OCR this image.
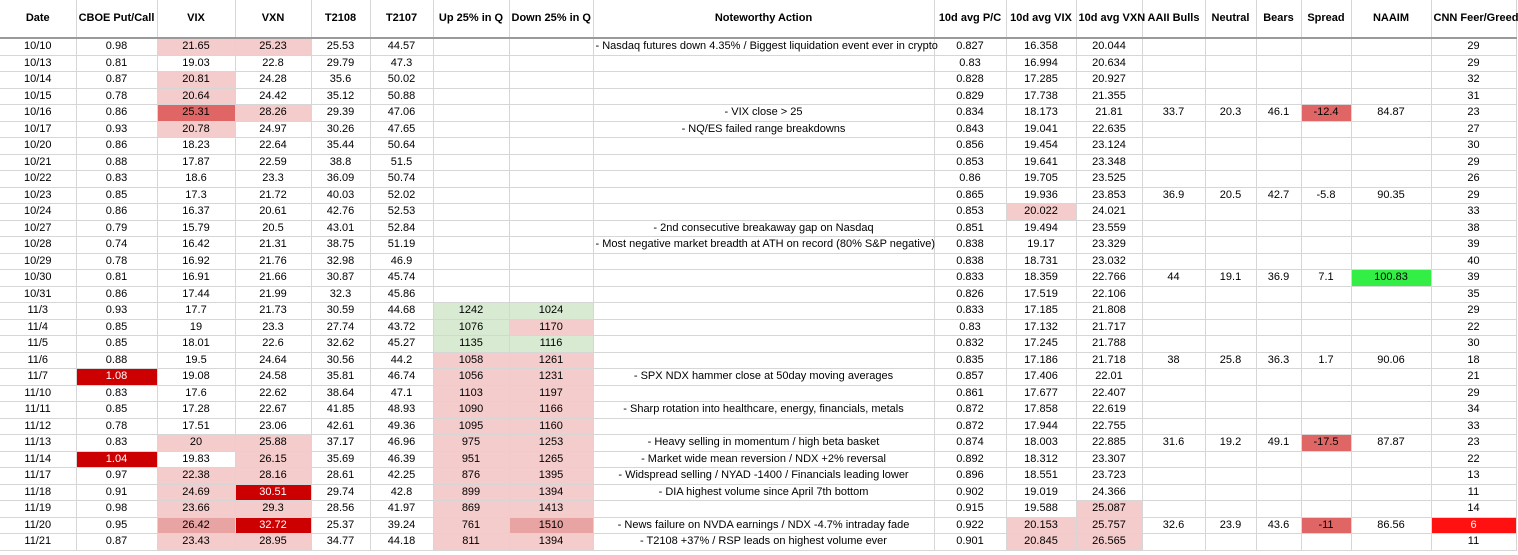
Date	CBOE Put/Call	VIX	VXN	T2108	T2107	Up 25% in Q	Down 25% in Q	Noteworthy Action	10d avg P/C	10d avg VIX	10d avg VXN	AAII Bulls	Neutral	Bears	Spread	NAAIM	CNN Feer/Greed
10/10	0.98	21.65	25.23	25.53	44.57			- Nasdaq futures down 4.35% / Biggest liquidation event ever in crypto	0.827	16.358	20.044						29
10/13	0.81	19.03	22.8	29.79	47.3				0.83	16.994	20.634						29
10/14	0.87	20.81	24.28	35.6	50.02				0.828	17.285	20.927						32
10/15	0.78	20.64	24.42	35.12	50.88				0.829	17.738	21.355						31
10/16	0.86	25.31	28.26	29.39	47.06			- VIX close > 25	0.834	18.173	21.81	33.7	20.3	46.1	-12.4	84.87	23
10/17	0.93	20.78	24.97	30.26	47.65			- NQ/ES failed range breakdowns	0.843	19.041	22.635						27
10/20	0.86	18.23	22.64	35.44	50.64				0.856	19.454	23.124						30
10/21	0.88	17.87	22.59	38.8	51.5				0.853	19.641	23.348						29
10/22	0.83	18.6	23.3	36.09	50.74				0.86	19.705	23.525						26
10/23	0.85	17.3	21.72	40.03	52.02				0.865	19.936	23.853	36.9	20.5	42.7	-5.8	90.35	29
10/24	0.86	16.37	20.61	42.76	52.53				0.853	20.022	24.021						33
10/27	0.79	15.79	20.5	43.01	52.84			- 2nd consecutive breakaway gap on Nasdaq	0.851	19.494	23.559						38
10/28	0.74	16.42	21.31	38.75	51.19			- Most negative market breadth at ATH on record (80% S&P negative)	0.838	19.17	23.329						39
10/29	0.78	16.92	21.76	32.98	46.9				0.838	18.731	23.032						40
10/30	0.81	16.91	21.66	30.87	45.74				0.833	18.359	22.766	44	19.1	36.9	7.1	100.83	39
10/31	0.86	17.44	21.99	32.3	45.86				0.826	17.519	22.106						35
11/3	0.93	17.7	21.73	30.59	44.68	1242	1024		0.833	17.185	21.808						29
11/4	0.85	19	23.3	27.74	43.72	1076	1170		0.83	17.132	21.717						22
11/5	0.85	18.01	22.6	32.62	45.27	1135	1116		0.832	17.245	21.788						30
11/6	0.88	19.5	24.64	30.56	44.2	1058	1261		0.835	17.186	21.718	38	25.8	36.3	1.7	90.06	18
11/7	1.08	19.08	24.58	35.81	46.74	1056	1231	- SPX NDX hammer close at 50day moving averages	0.857	17.406	22.01						21
11/10	0.83	17.6	22.62	38.64	47.1	1103	1197		0.861	17.677	22.407						29
11/11	0.85	17.28	22.67	41.85	48.93	1090	1166	- Sharp rotation into healthcare, energy, financials, metals	0.872	17.858	22.619						34
11/12	0.78	17.51	23.06	42.61	49.36	1095	1160		0.872	17.944	22.755						33
11/13	0.83	20	25.88	37.17	46.96	975	1253	- Heavy selling in momentum / high beta basket	0.874	18.003	22.885	31.6	19.2	49.1	-17.5	87.87	23
11/14	1.04	19.83	26.15	35.69	46.39	951	1265	- Market wide mean reversion / NDX +2% reversal	0.892	18.312	23.307						22
11/17	0.97	22.38	28.16	28.61	42.25	876	1395	- Widspread selling / NYAD -1400 / Financials leading lower	0.896	18.551	23.723						13
11/18	0.91	24.69	30.51	29.74	42.8	899	1394	- DIA highest volume since April 7th bottom	0.902	19.019	24.366						11
11/19	0.98	23.66	29.3	28.56	41.97	869	1413		0.915	19.588	25.087						14
11/20	0.95	26.42	32.72	25.37	39.24	761	1510	- News failure on NVDA earnings / NDX -4.7% intraday fade	0.922	20.153	25.757	32.6	23.9	43.6	-11	86.56	6
11/21	0.87	23.43	28.95	34.77	44.18	811	1394	- T2108 +37% / RSP leads on highest volume ever	0.901	20.845	26.565						11
